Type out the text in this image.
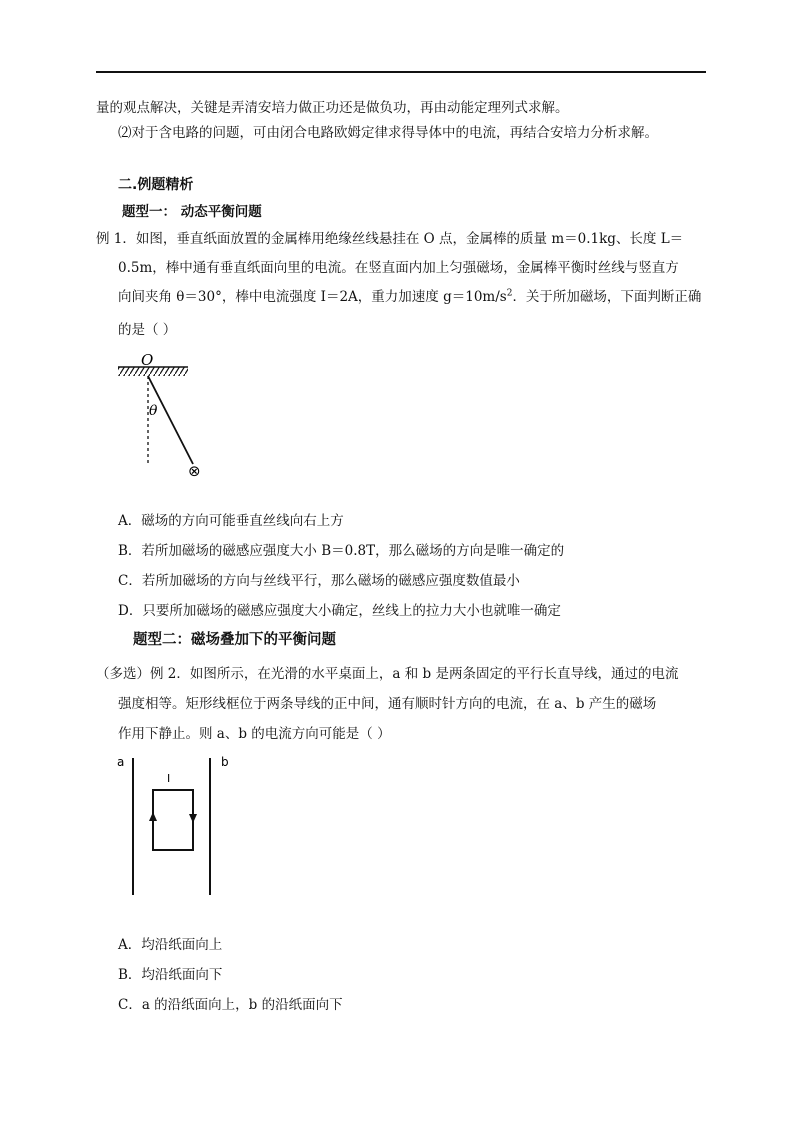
量的观点解决，关键是弄清安培力做正功还是做负功，再由动能定理列式求解。
⑵对于含电路的问题，可由闭合电路欧姆定律求得导体中的电流，再结合安培力分析求解。
二.例题精析
题型一： 动态平衡问题
例 1．如图，垂直纸面放置的金属棒用绝缘丝线悬挂在 O 点，金属棒的质量 m＝0.1kg、长度 L＝
0.5m，棒中通有垂直纸面向里的电流。在竖直面内加上匀强磁场，金属棒平衡时丝线与竖直方
向间夹角 θ＝30°，棒中电流强度 I＝2A，重力加速度 $g=10m/s^2$．关于所加磁场，下面判断正确
的是（ ）
O
θ
⊗
A．磁场的方向可能垂直丝线向右上方
B．若所加磁场的磁感应强度大小 B＝0.8T，那么磁场的方向是唯一确定的
C．若所加磁场的方向与丝线平行，那么磁场的磁感应强度数值最小
D．只要所加磁场的磁感应强度大小确定，丝线上的拉力大小也就唯一确定
题型二：磁场叠加下的平衡问题
（多选）例 2．如图所示，在光滑的水平桌面上，a 和 b 是两条固定的平行长直导线，通过的电流
强度相等。矩形线框位于两条导线的正中间，通有顺时针方向的电流，在 a、b 产生的磁场
作用下静止。则 a、b 的电流方向可能是（ ）
a	b
I
A．均沿纸面向上
B．均沿纸面向下
C．a 的沿纸面向上，b 的沿纸面向下
